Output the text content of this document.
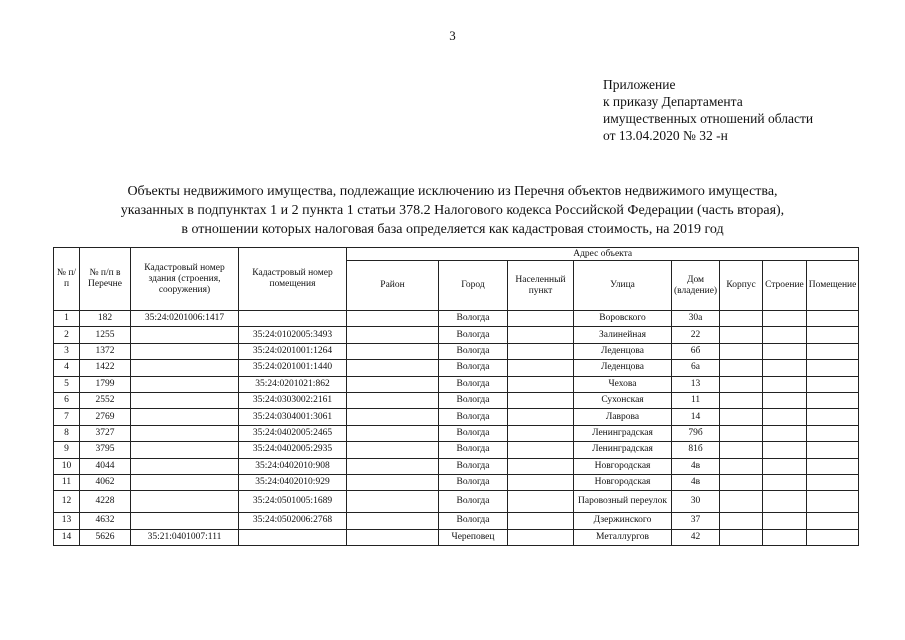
3
Приложение
к приказу Департамента
имущественных отношений области
от 13.04.2020 № 32 -н
Объекты недвижимого имущества, подлежащие исключению из Перечня объектов недвижимого имущества,
указанных в подпунктах 1 и 2 пункта 1 статьи 378.2 Налогового кодекса Российской Федерации (часть вторая),
в отношении которых налоговая база определяется как кадастровая стоимость, на 2019 год
№ п/п	№ п/п в Перечне	Кадастровый номер здания (строения, сооружения)	Кадастровый номер помещения	Адрес объекта							
				Район	Город	Населенный пункт	Улица	Дом (владение)	Корпус	Строение	Помещение
1	182	35:24:0201006:1417			Вологда		Воровского	30а			
2	1255		35:24:0102005:3493		Вологда		Залинейная	22			
3	1372		35:24:0201001:1264		Вологда		Леденцова	6б			
4	1422		35:24:0201001:1440		Вологда		Леденцова	6а			
5	1799		35:24:0201021:862		Вологда		Чехова	13			
6	2552		35:24:0303002:2161		Вологда		Сухонская	11			
7	2769		35:24:0304001:3061		Вологда		Лаврова	14			
8	3727		35:24:0402005:2465		Вологда		Ленинградская	79б			
9	3795		35:24:0402005:2935		Вологда		Ленинградская	81б			
10	4044		35:24:0402010:908		Вологда		Новгородская	4в			
11	4062		35:24:0402010:929		Вологда		Новгородская	4в			
12	4228		35:24:0501005:1689		Вологда		Паровозный переулок	30			
13	4632		35:24:0502006:2768		Вологда		Дзержинского	37			
14	5626	35:21:0401007:111			Череповец		Металлургов	42			
